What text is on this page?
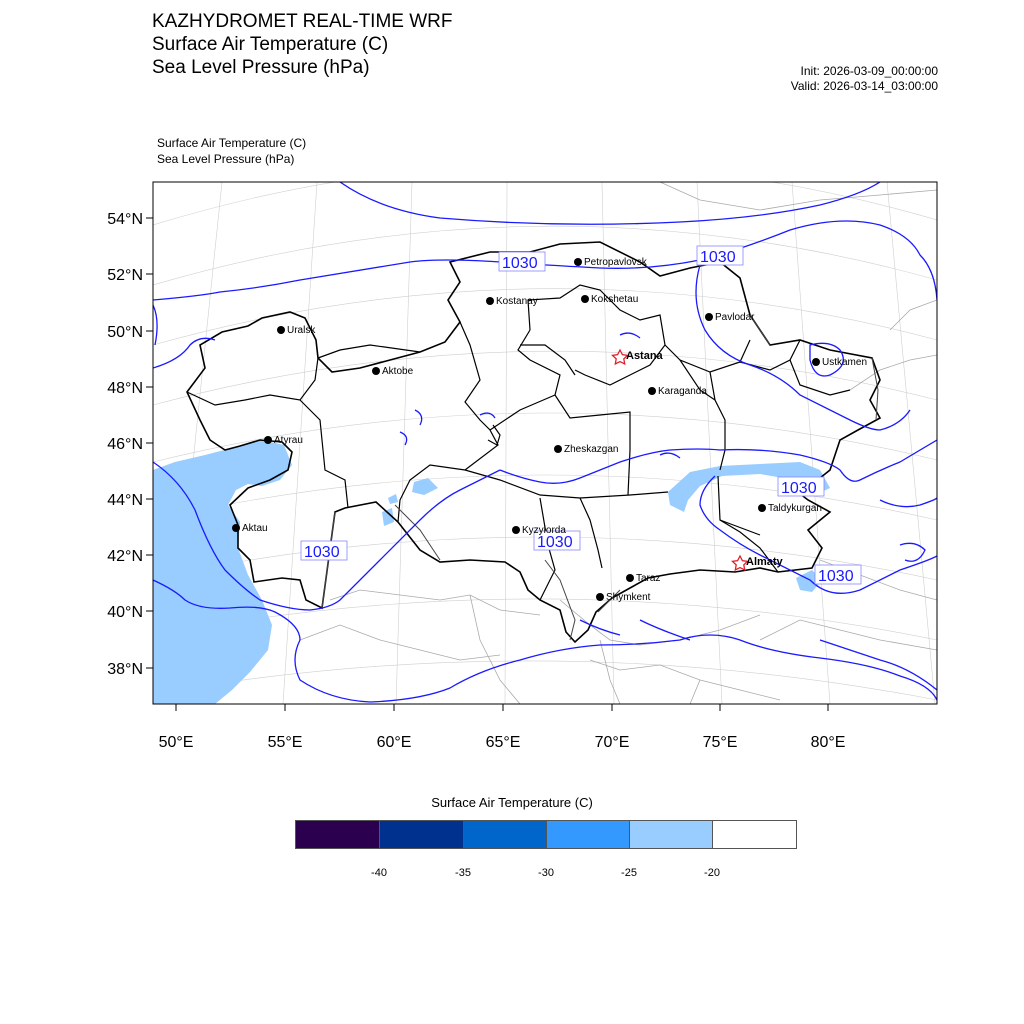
KAZHYDROMET REAL-TIME WRF
Surface Air Temperature (C)
Sea Level Pressure (hPa)	Init: 2026-03-09_00:00:00
Valid: 2026-03-14_03:00:00
Surface Air Temperature (C)
Sea Level Pressure (hPa)
54°N
52°N
50°N
48°N
46°N
44°N
42°N
40°N
38°N
50°E	55°E	60°E	65°E	70°E	75°E	80°E
1030	1030
1030
1030
1030
1030
Petropavlovsk
Kostanay	Kokshetau
Pavlodar
Uralsk
Astana
Aktobe
Ustkamen
Karaganda
Atyrau
Zheskazgan
Taldykurgan
Aktau	Kyzylorda
Almaty
Taraz
Shymkent
Surface Air Temperature (C)
-40	-35	-30	-25	-20
